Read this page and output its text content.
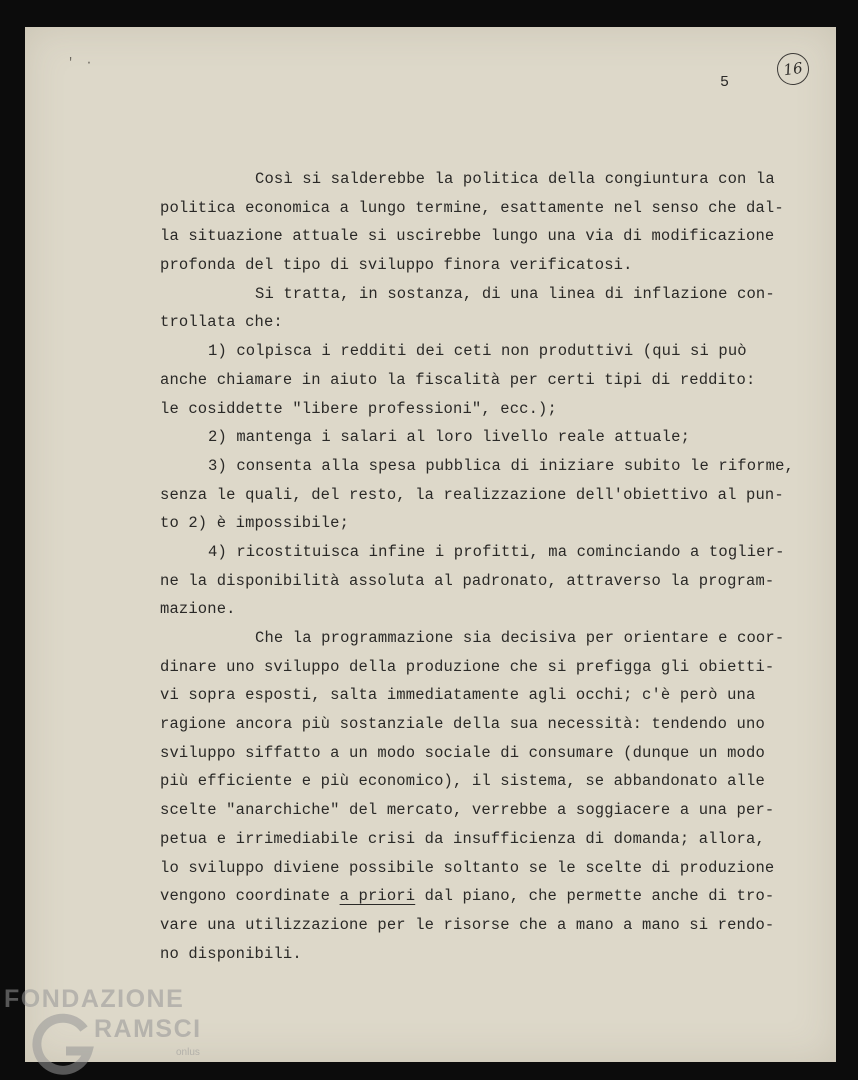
' ·
5
16
Così si salderebbe la politica della congiuntura con la
politica economica a lungo termine, esattamente nel senso che dal-
la situazione attuale si uscirebbe lungo una via di modificazione
profonda del tipo di sviluppo finora verificatosi.
Si tratta, in sostanza, di una linea di inflazione con-
trollata che:
1) colpisca i redditi dei ceti non produttivi (qui si può
anche chiamare in aiuto la fiscalità per certi tipi di reddito:
le cosiddette "libere professioni", ecc.);
2) mantenga i salari al loro livello reale attuale;
3) consenta alla spesa pubblica di iniziare subito le riforme,
senza le quali, del resto, la realizzazione dell'obiettivo al pun-
to 2) è impossibile;
4) ricostituisca infine i profitti, ma cominciando a toglier-
ne la disponibilità assoluta al padronato, attraverso la program-
mazione.
Che la programmazione sia decisiva per orientare e coor-
dinare uno sviluppo della produzione che si prefigga gli obietti-
vi sopra esposti, salta immediatamente agli occhi; c'è però una
ragione ancora più sostanziale della sua necessità: tendendo uno
sviluppo siffatto a un modo sociale di consumare (dunque un modo
più efficiente e più economico), il sistema, se abbandonato alle
scelte "anarchiche" del mercato, verrebbe a soggiacere a una per-
petua e irrimediabile crisi da insufficienza di domanda; allora,
lo sviluppo diviene possibile soltanto se le scelte di produzione
vengono coordinate a priori dal piano, che permette anche di tro-
vare una utilizzazione per le risorse che a mano a mano si rendo-
no disponibili.
FONDAZIONE
RAMSCI
onlus
